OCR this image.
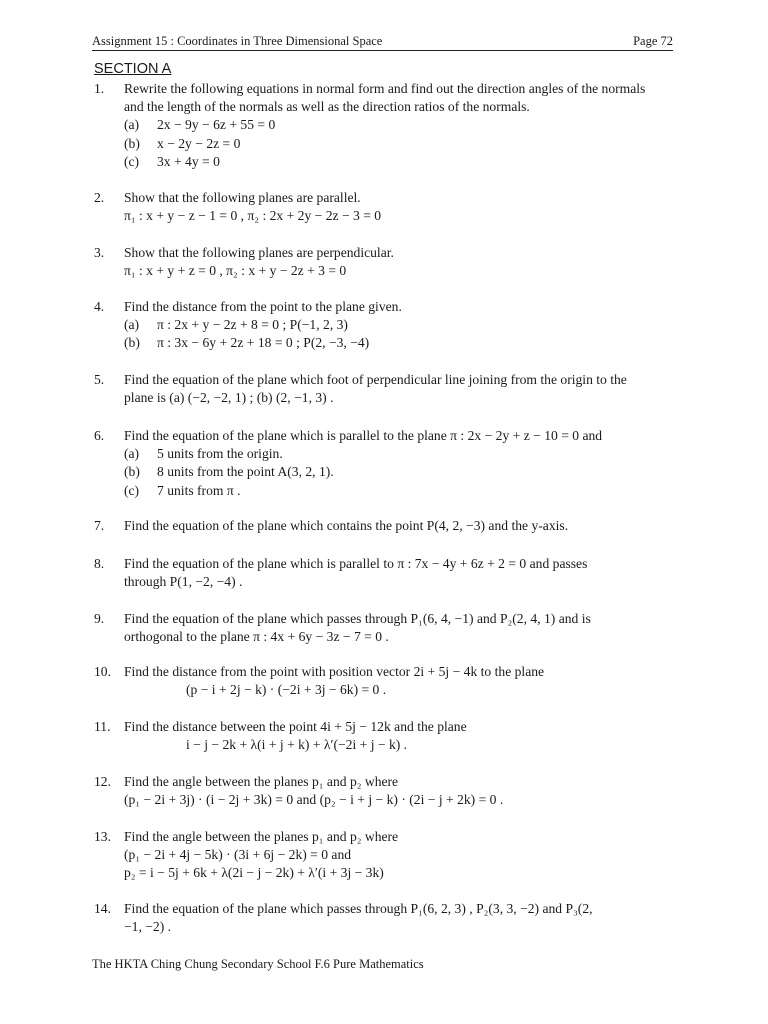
Assignment 15 : Coordinates in Three Dimensional Space	Page 72
SECTION A
1. Rewrite the following equations in normal form and find out the direction angles of the normals
and the length of the normals as well as the direction ratios of the normals.
(a) 2x − 9y − 6z + 55 = 0
(b) x − 2y − 2z = 0
(c) 3x + 4y = 0
2. Show that the following planes are parallel.
π₁ : x + y − z − 1 = 0 , π₂ : 2x + 2y − 2z − 3 = 0
3. Show that the following planes are perpendicular.
π₁ : x + y + z = 0 , π₂ : x + y − 2z + 3 = 0
4. Find the distance from the point to the plane given.
(a) π : 2x + y − 2z + 8 = 0 ; P(−1, 2, 3)
(b) π : 3x − 6y + 2z + 18 = 0 ; P(2, −3, −4)
5. Find the equation of the plane which foot of perpendicular line joining from the origin to the
plane is (a) (−2, −2, 1) ; (b) (2, −1, 3) .
6. Find the equation of the plane which is parallel to the plane π : 2x − 2y + z − 10 = 0 and
(a) 5 units from the origin.
(b) 8 units from the point A(3, 2, 1).
(c) 7 units from π .
7. Find the equation of the plane which contains the point P(4, 2, −3) and the y-axis.
8. Find the equation of the plane which is parallel to π : 7x − 4y + 6z + 2 = 0 and passes
through P(1, −2, −4) .
9. Find the equation of the plane which passes through P₁(6, 4, −1) and P₂(2, 4, 1) and is
orthogonal to the plane π : 4x + 6y − 3z − 7 = 0 .
10. Find the distance from the point with position vector 2i + 5j − 4k to the plane
(p − i + 2j − k) · (−2i + 3j − 6k) = 0 .
11. Find the distance between the point 4i + 5j − 12k and the plane
i − j − 2k + λ(i + j + k) + λ′(−2i + j − k) .
12. Find the angle between the planes p₁ and p₂ where
(p₁ − 2i + 3j) · (i − 2j + 3k) = 0 and (p₂ − i + j − k) · (2i − j + 2k) = 0 .
13. Find the angle between the planes p₁ and p₂ where
(p₁ − 2i + 4j − 5k) · (3i + 6j − 2k) = 0 and
p₂ = i − 5j + 6k + λ(2i − j − 2k) + λ′(i + 3j − 3k)
14. Find the equation of the plane which passes through P₁(6, 2, 3) , P₂(3, 3, −2) and P₃(2,
−1, −2) .
The HKTA Ching Chung Secondary School F.6 Pure Mathematics
